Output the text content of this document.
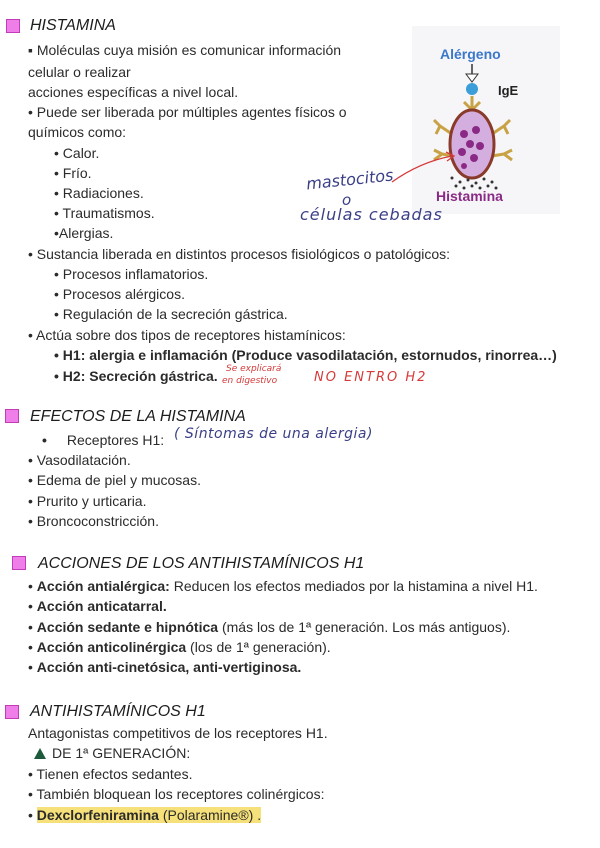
HISTAMINA
▪ Moléculas cuya misión es comunicar información
celular o realizar
acciones específicas a nivel local.
• Puede ser liberada por múltiples agentes físicos o
químicos como:
• Calor.
• Frío.
• Radiaciones.
• Traumatismos.
•Alergias.
• Sustancia liberada en distintos procesos fisiológicos o patológicos:
• Procesos inflamatorios.
• Procesos alérgicos.
• Regulación de la secreción gástrica.
• Actúa sobre dos tipos de receptores histamínicos:
• H1: alergia e inflamación (Produce vasodilatación, estornudos, rinorrea…)
• H2: Secreción gástrica.
Alérgeno
IgE
Histamina
mastocitos
o
células cebadas
Se explicará
en digestivo	NO ENTRO H2
EFECTOS DE LA HISTAMINA
• Receptores H1: ( Síntomas de una alergia)
• Vasodilatación.
• Edema de piel y mucosas.
• Prurito y urticaria.
• Broncoconstricción.
ACCIONES DE LOS ANTIHISTAMÍNICOS H1
• Acción antialérgica: Reducen los efectos mediados por la histamina a nivel H1.
• Acción anticatarral.
• Acción sedante e hipnótica (más los de 1ª generación. Los más antiguos).
• Acción anticolinérgica (los de 1ª generación).
• Acción anti-cinetósica, anti-vertiginosa.
ANTIHISTAMÍNICOS H1
Antagonistas competitivos de los receptores H1.
DE 1ª GENERACIÓN:
• Tienen efectos sedantes.
• También bloquean los receptores colinérgicos:
• Dexclorfeniramina (Polaramine®) .
